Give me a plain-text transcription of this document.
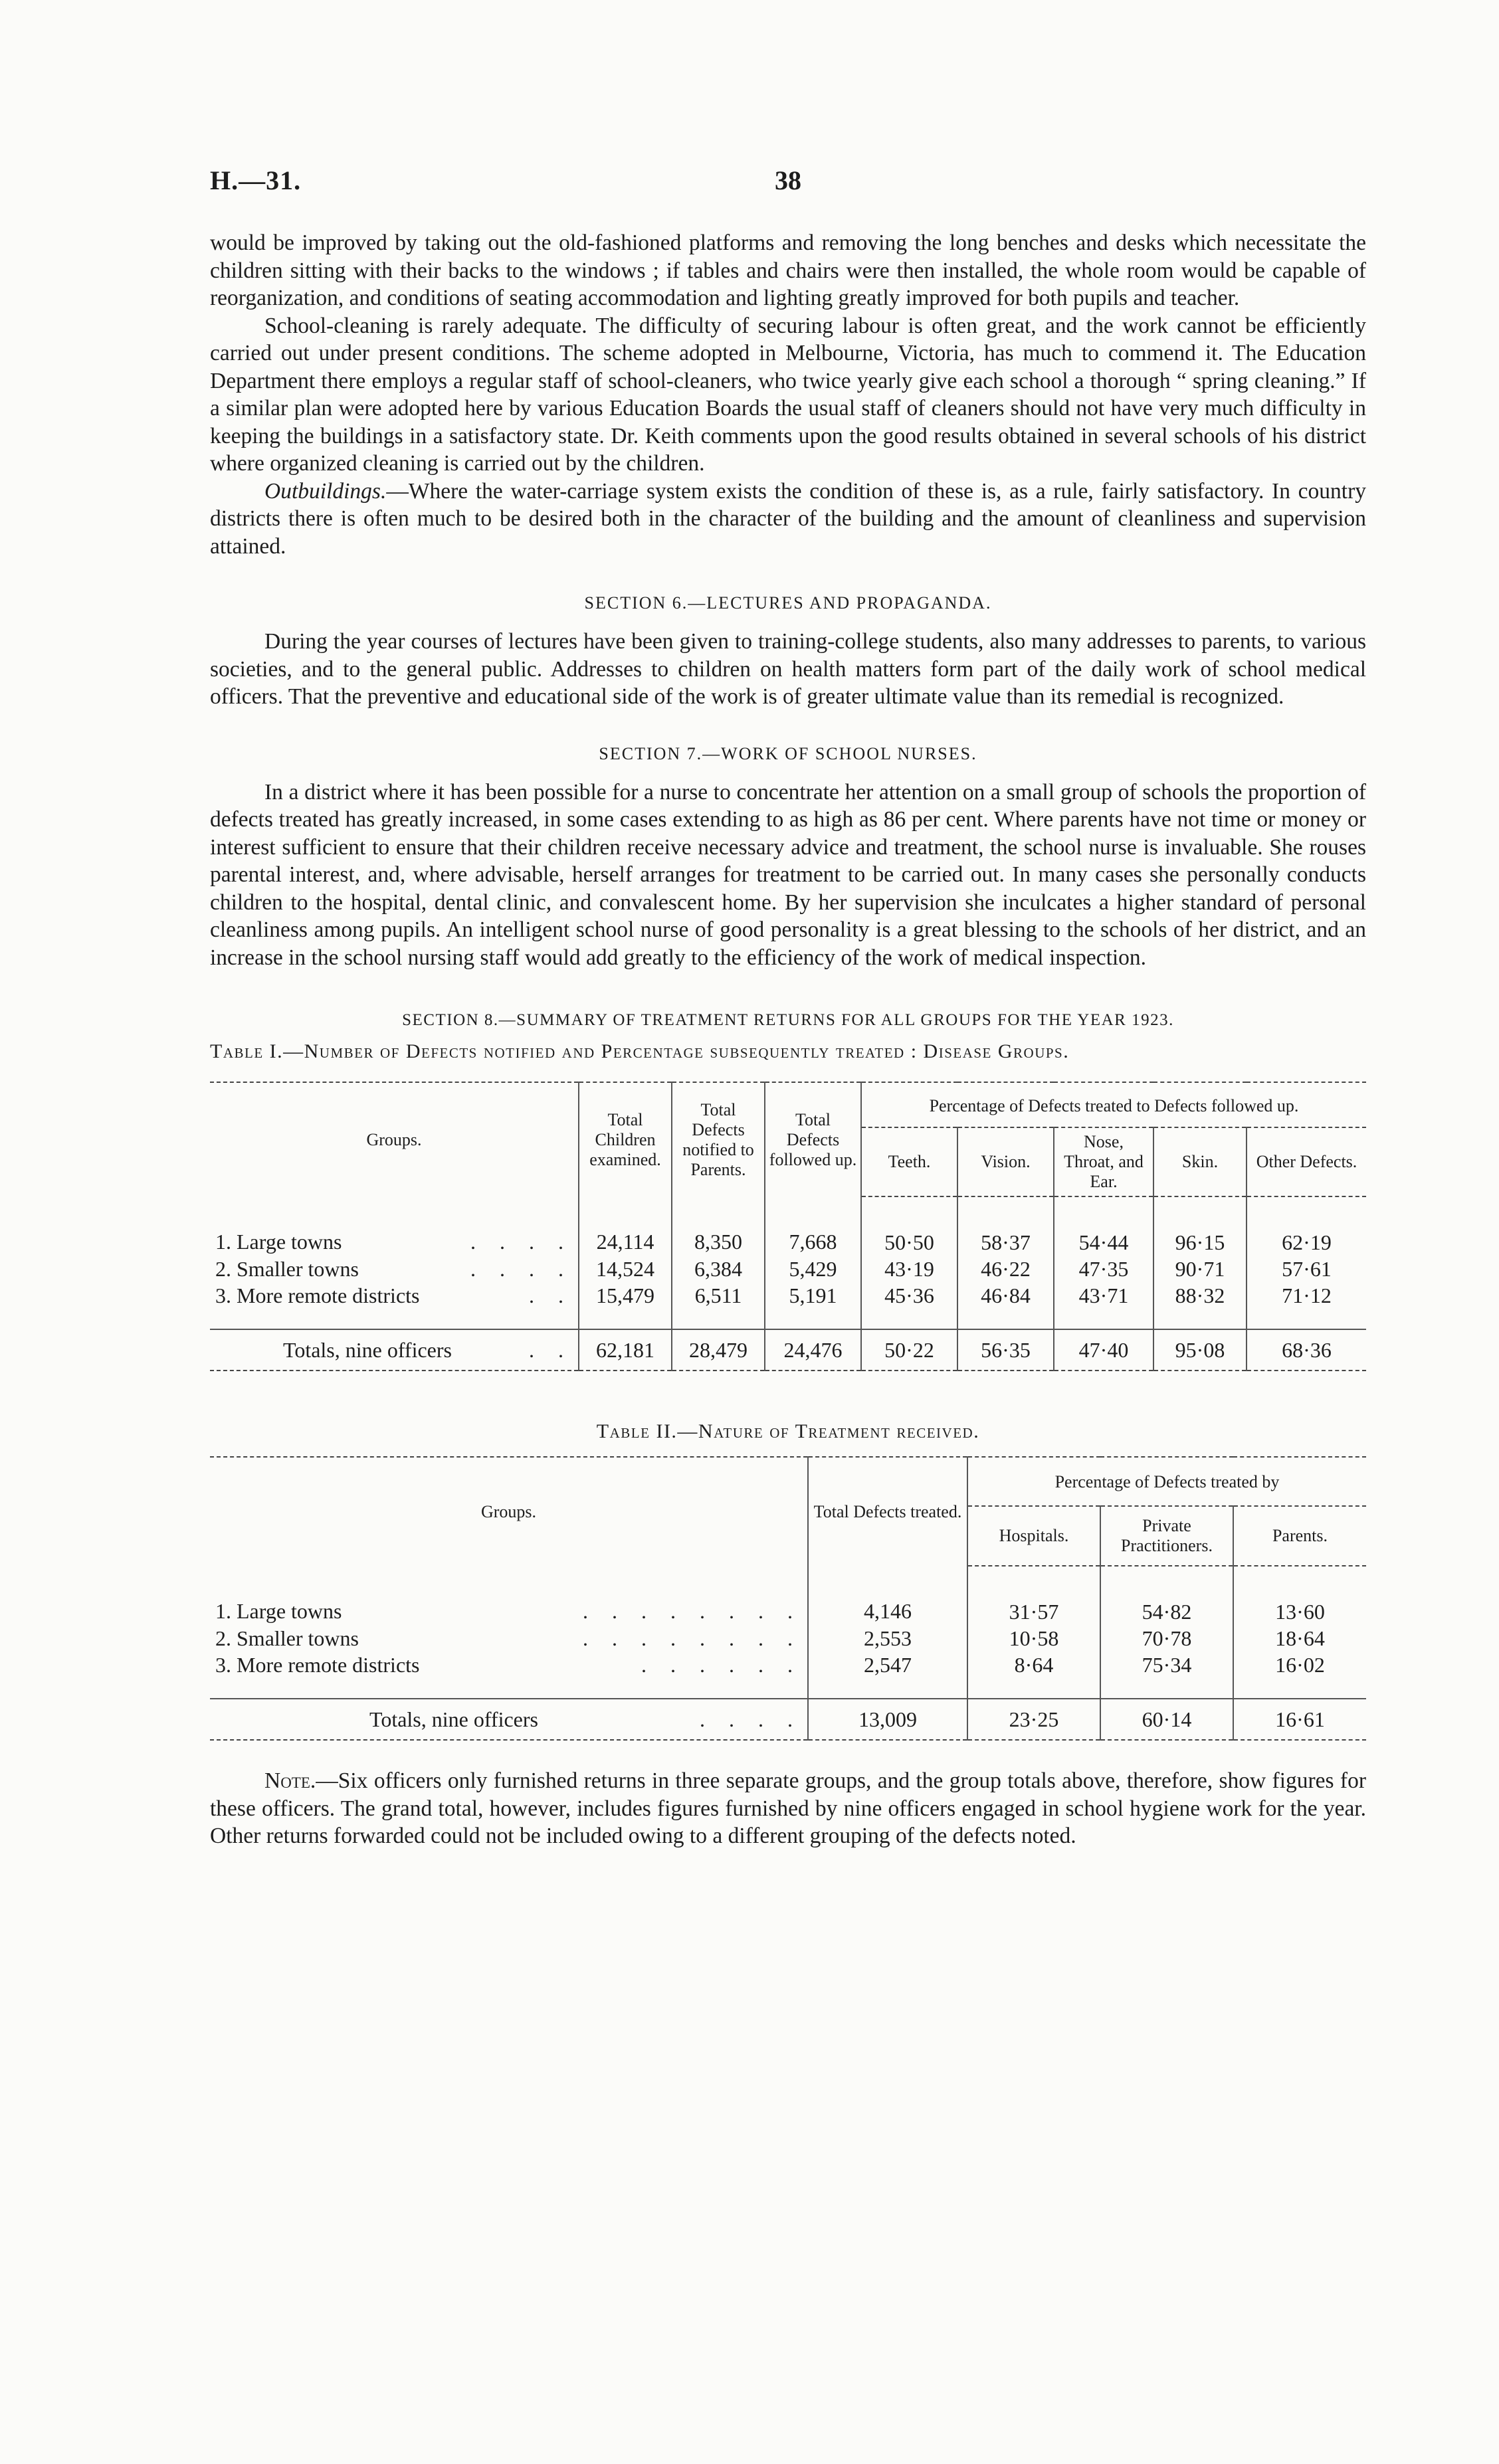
H.—31.	38

would be improved by taking out the old-fashioned platforms and removing the long benches and desks which necessitate the children sitting with their backs to the windows ; if tables and chairs were then installed, the whole room would be capable of reorganization, and conditions of seating accommodation and lighting greatly improved for both pupils and teacher.

School-cleaning is rarely adequate. The difficulty of securing labour is often great, and the work cannot be efficiently carried out under present conditions. The scheme adopted in Melbourne, Victoria, has much to commend it. The Education Department there employs a regular staff of school-cleaners, who twice yearly give each school a thorough “ spring cleaning.” If a similar plan were adopted here by various Education Boards the usual staff of cleaners should not have very much difficulty in keeping the buildings in a satisfactory state. Dr. Keith comments upon the good results obtained in several schools of his district where organized cleaning is carried out by the children.

Outbuildings.—Where the water-carriage system exists the condition of these is, as a rule, fairly satisfactory. In country districts there is often much to be desired both in the character of the building and the amount of cleanliness and supervision attained.

SECTION 6.—LECTURES AND PROPAGANDA.

During the year courses of lectures have been given to training-college students, also many addresses to parents, to various societies, and to the general public. Addresses to children on health matters form part of the daily work of school medical officers. That the preventive and educational side of the work is of greater ultimate value than its remedial is recognized.

SECTION 7.—WORK OF SCHOOL NURSES.

In a district where it has been possible for a nurse to concentrate her attention on a small group of schools the proportion of defects treated has greatly increased, in some cases extending to as high as 86 per cent. Where parents have not time or money or interest sufficient to ensure that their children receive necessary advice and treatment, the school nurse is invaluable. She rouses parental interest, and, where advisable, herself arranges for treatment to be carried out. In many cases she personally conducts children to the hospital, dental clinic, and convalescent home. By her supervision she inculcates a higher standard of personal cleanliness among pupils. An intelligent school nurse of good personality is a great blessing to the schools of her district, and an increase in the school nursing staff would add greatly to the efficiency of the work of medical inspection.

SECTION 8.—SUMMARY OF TREATMENT RETURNS FOR ALL GROUPS FOR THE YEAR 1923.
Table I.—Number of Defects notified and Percentage subsequently treated : Disease Groups.
Groups.	Total Children examined.	Total Defects notified to Parents.	Total Defects followed up.	Percentage of Defects treated to Defects followed up.				
				Teeth.	Vision.	Nose, Throat, and Ear.	Skin.	Other Defects.
1. Large towns . . . .	24,114	8,350	7,668	50·50	58·37	54·44	96·15	62·19
2. Smaller towns . . . .	14,524	6,384	5,429	43·19	46·22	47·35	90·71	57·61
3. More remote districts . .	15,479	6,511	5,191	45·36	46·84	43·71	88·32	71·12
Totals, nine officers . .	62,181	28,479	24,476	50·22	56·35	47·40	95·08	68·36
Table II.—Nature of Treatment received.
Groups.	Total Defects treated.	Percentage of Defects treated by		
		Hospitals.	Private Practitioners.	Parents.
1. Large towns . . . . . . . .	4,146	31·57	54·82	13·60
2. Smaller towns . . . . . . . .	2,553	10·58	70·78	18·64
3. More remote districts . . . . . .	2,547	8·64	75·34	16·02
Totals, nine officers . . . .	13,009	23·25	60·14	16·61

Note.—Six officers only furnished returns in three separate groups, and the group totals above, therefore, show figures for these officers. The grand total, however, includes figures furnished by nine officers engaged in school hygiene work for the year. Other returns forwarded could not be included owing to a different grouping of the defects noted.
